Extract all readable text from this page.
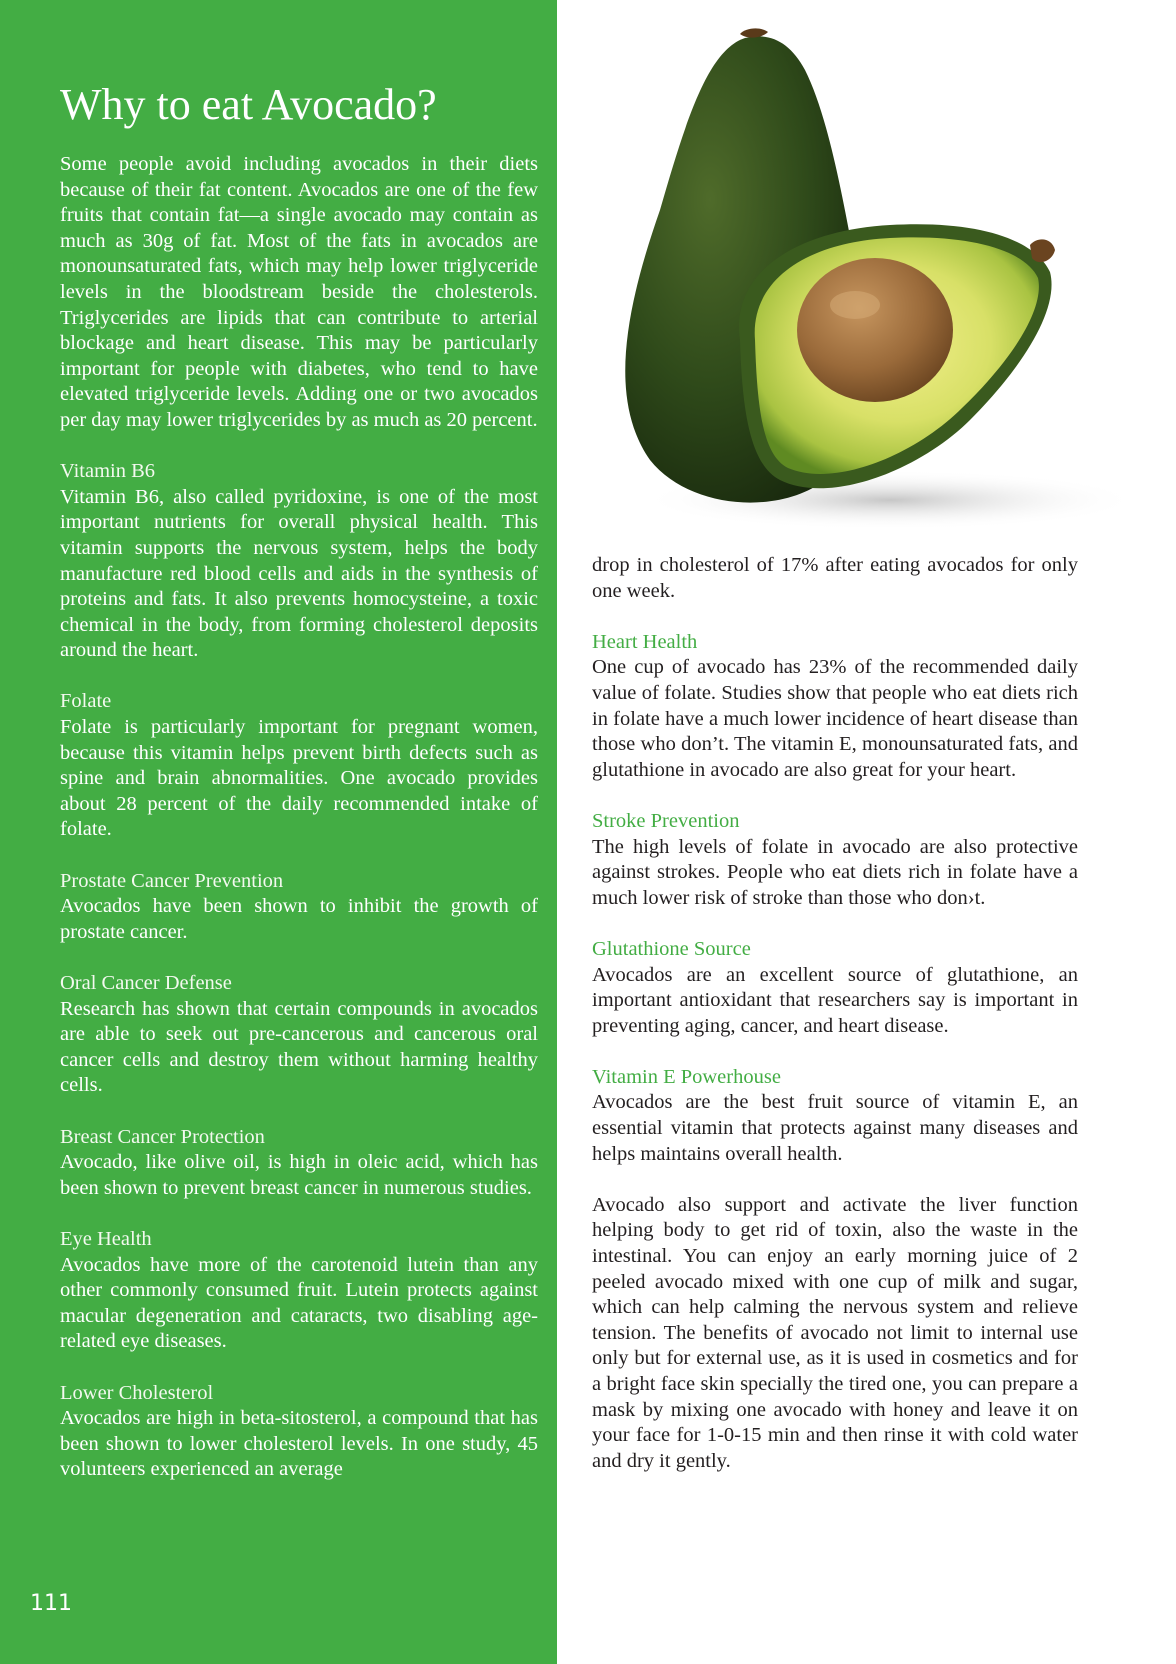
Why to eat Avocado?

Some people avoid including avocados in their diets because of their fat content. Avocados are one of the few fruits that contain fat—a single avocado may contain as much as 30g of fat. Most of the fats in avocados are monounsaturated fats, which may help lower triglyceride levels in the bloodstream beside the cholesterols. Triglycerides are lipids that can contribute to arterial blockage and heart disease. This may be particularly important for people with diabetes, who tend to have elevated triglyceride levels. Adding one or two avocados per day may lower triglycerides by as much as 20 percent.

Vitamin B6

Vitamin B6, also called pyridoxine, is one of the most important nutrients for overall physical health. This vitamin supports the nervous system, helps the body manufacture red blood cells and aids in the synthesis of proteins and fats. It also prevents homocysteine, a toxic chemical in the body, from forming cholesterol deposits around the heart.

Folate

Folate is particularly important for pregnant women, because this vitamin helps prevent birth defects such as spine and brain abnormalities. One avocado provides about 28 percent of the daily recommended intake of folate.

Prostate Cancer Prevention

Avocados have been shown to inhibit the growth of prostate cancer.

Oral Cancer Defense

Research has shown that certain compounds in avocados are able to seek out pre-cancerous and cancerous oral cancer cells and destroy them without harming healthy cells.

Breast Cancer Protection

Avocado, like olive oil, is high in oleic acid, which has been shown to prevent breast cancer in numerous studies.

Eye Health

Avocados have more of the carotenoid lutein than any other commonly consumed fruit. Lutein protects against macular degeneration and cataracts, two disabling age-related eye diseases.

Lower Cholesterol

Avocados are high in beta-sitosterol, a compound that has been shown to lower cholesterol levels. In one study, 45 volunteers experienced an average

111

drop in cholesterol of 17% after eating avocados for only one week.

Heart Health

One cup of avocado has 23% of the recommended daily value of folate. Studies show that people who eat diets rich in folate have a much lower incidence of heart disease than those who don’t. The vitamin E, monounsaturated fats, and glutathione in avocado are also great for your heart.

Stroke Prevention

The high levels of folate in avocado are also protective against strokes. People who eat diets rich in folate have a much lower risk of stroke than those who don›t.

Glutathione Source

Avocados are an excellent source of glutathione, an important antioxidant that researchers say is important in preventing aging, cancer, and heart disease.

Vitamin E Powerhouse

Avocados are the best fruit source of vitamin E, an essential vitamin that protects against many diseases and helps maintains overall health.

Avocado also support and activate the liver function helping body to get rid of toxin, also the waste in the intestinal. You can enjoy an early morning juice of 2 peeled avocado mixed with one cup of milk and sugar, which can help calming the nervous system and relieve tension. The benefits of avocado not limit to internal use only but for external use, as it is used in cosmetics and for a bright face skin specially the tired one, you can prepare a mask by mixing one avocado with honey and leave it on your face for 1-0-15 min and then rinse it with cold water and dry it gently.
